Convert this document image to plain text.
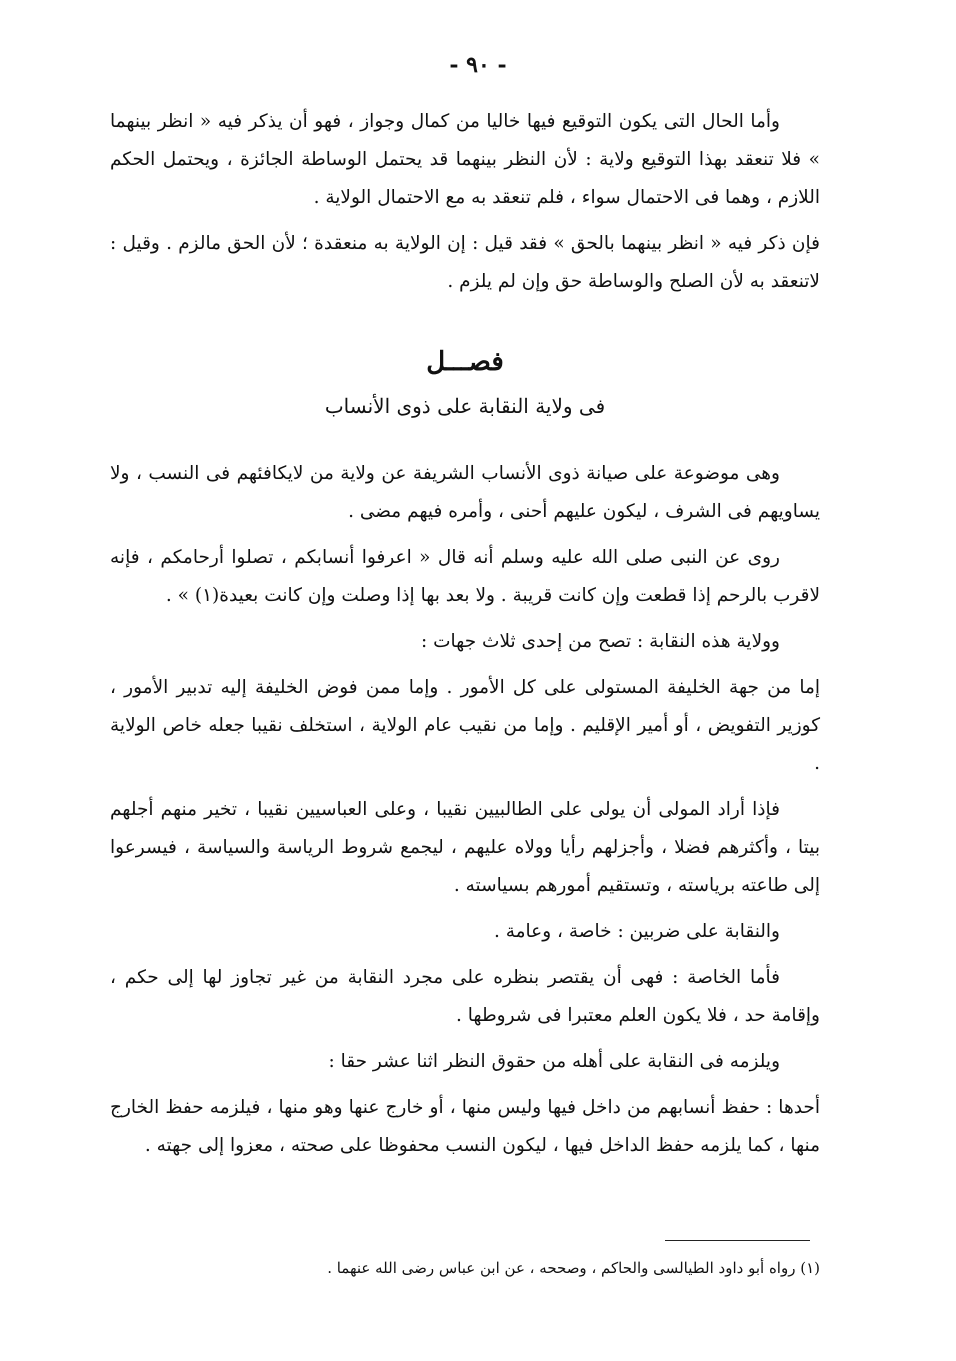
- ٩٠ -

وأما الحال التى يكون التوقيع فيها خاليا من كمال وجواز ، فهو أن يذكر فيه « انظر بينهما » فلا تنعقد بهذا التوقيع ولاية : لأن النظر بينهما قد يحتمل الوساطة الجائزة ، ويحتمل الحكم اللازم ، وهما فى الاحتمال سواء ، فلم تنعقد به مع الاحتمال الولاية .

فإن ذكر فيه « انظر بينهما بالحق » فقد قيل : إن الولاية به منعقدة ؛ لأن الحق مالزم . وقيل : لاتنعقد به لأن الصلح والوساطة حق وإن لم يلزم .

فصـــل
فى ولاية النقابة على ذوى الأنساب

وهى موضوعة على صيانة ذوى الأنساب الشريفة عن ولاية من لايكافئهم فى النسب ، ولا يساويهم فى الشرف ، ليكون عليهم أحنى ، وأمره فيهم مضى .

روى عن النبى صلى الله عليه وسلم أنه قال « اعرفوا أنسابكم ، تصلوا أرحامكم ، فإنه لاقرب بالرحم إذا قطعت وإن كانت قريبة . ولا بعد بها إذا وصلت وإن كانت بعيدة(١) » .

وولاية هذه النقابة : تصح من إحدى ثلاث جهات :

إما من جهة الخليفة المستولى على كل الأمور . وإما ممن فوض الخليفة إليه تدبير الأمور ، كوزير التفويض ، أو أمير الإقليم . وإما من نقيب عام الولاية ، استخلف نقيبا جعله خاص الولاية .

فإذا أراد المولى أن يولى على الطالبيين نقيبا ، وعلى العباسيين نقيبا ، تخير منهم أجلهم بيتا ، وأكثرهم فضلا ، وأجزلهم رأيا وولاه عليهم ، ليجمع شروط الرياسة والسياسة ، فيسرعوا إلى طاعته برياسته ، وتستقيم أمورهم بسياسته .

والنقابة على ضربين : خاصة ، وعامة .

فأما الخاصة : فهى أن يقتصر بنظره على مجرد النقابة من غير تجاوز لها إلى حكم ، وإقامة حد ، فلا يكون العلم معتبرا فى شروطها .

ويلزمه فى النقابة على أهله من حقوق النظر اثنا عشر حقا :

أحدها : حفظ أنسابهم من داخل فيها وليس منها ، أو خارج عنها وهو منها ، فيلزمه حفظ الخارج منها ، كما يلزمه حفظ الداخل فيها ، ليكون النسب محفوظا على صحته ، معزوا إلى جهته .

(١) رواه أبو داود الطيالسى والحاكم ، وصححه ، عن ابن عباس رضى الله عنهما .
